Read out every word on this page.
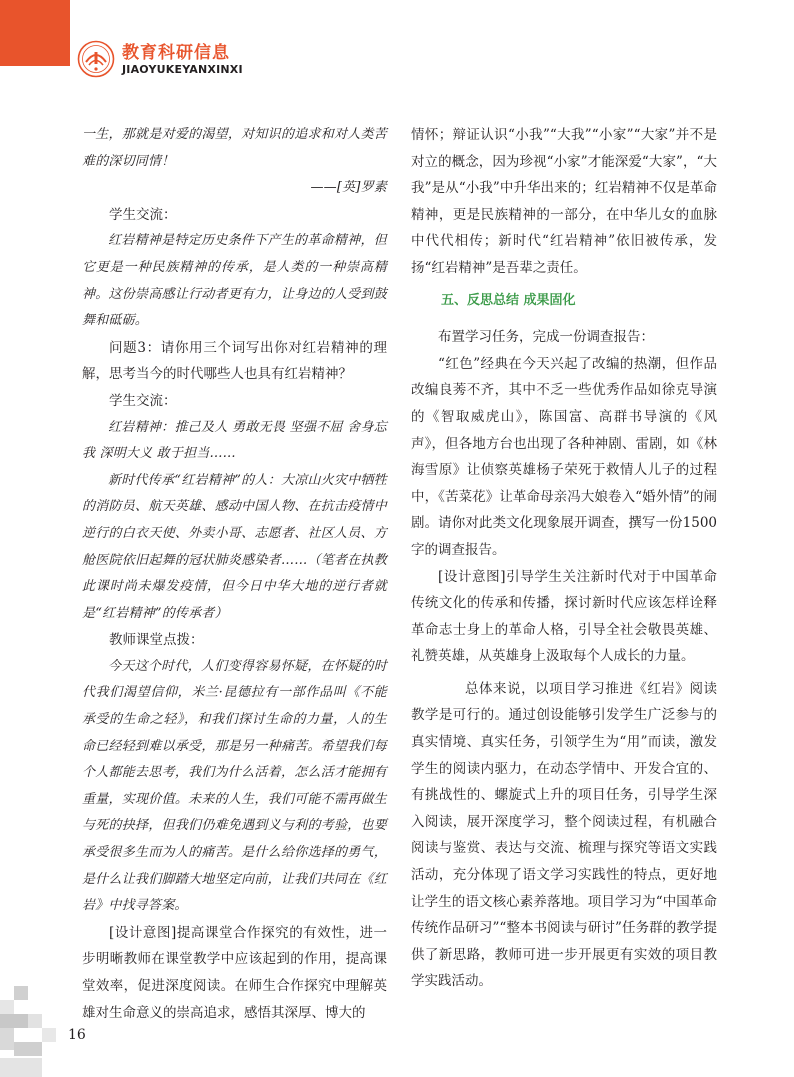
教育科研信息
JIAOYUKEYANXINXI

一生，那就是对爱的渴望，对知识的追求和对人类苦难的深切同情！

——[英]罗素

学生交流：

红岩精神是特定历史条件下产生的革命精神，但它更是一种民族精神的传承，是人类的一种崇高精神。这份崇高感让行动者更有力，让身边的人受到鼓舞和砥砺。

问题3：请你用三个词写出你对红岩精神的理解，思考当今的时代哪些人也具有红岩精神？

学生交流：

红岩精神：推己及人 勇敢无畏 坚强不屈 舍身忘我 深明大义 敢于担当……

新时代传承“红岩精神”的人：大凉山火灾中牺牲的消防员、航天英雄、感动中国人物、在抗击疫情中逆行的白衣天使、外卖小哥、志愿者、社区人员、方舱医院依旧起舞的冠状肺炎感染者……（笔者在执教此课时尚未爆发疫情，但今日中华大地的逆行者就是“红岩精神”的传承者）

教师课堂点拨：

今天这个时代，人们变得容易怀疑，在怀疑的时代我们渴望信仰，米兰·昆德拉有一部作品叫《不能承受的生命之轻》，和我们探讨生命的力量，人的生命已经轻到难以承受，那是另一种痛苦。希望我们每个人都能去思考，我们为什么活着，怎么活才能拥有重量，实现价值。未来的人生，我们可能不需再做生与死的抉择，但我们仍难免遇到义与利的考验，也要承受很多生而为人的痛苦。是什么给你选择的勇气，是什么让我们脚踏大地坚定向前，让我们共同在《红岩》中找寻答案。

[设计意图]提高课堂合作探究的有效性，进一步明晰教师在课堂教学中应该起到的作用，提高课堂效率，促进深度阅读。在师生合作探究中理解英雄对生命意义的崇高追求，感悟其深厚、博大的

情怀；辩证认识“小我”“大我”“小家”“大家”并不是对立的概念，因为珍视“小家”才能深爱“大家”，“大我”是从“小我”中升华出来的；红岩精神不仅是革命精神，更是民族精神的一部分，在中华儿女的血脉中代代相传；新时代“红岩精神”依旧被传承，发扬“红岩精神”是吾辈之责任。

五、反思总结 成果固化

布置学习任务，完成一份调查报告：

“红色”经典在今天兴起了改编的热潮，但作品改编良莠不齐，其中不乏一些优秀作品如徐克导演的《智取威虎山》，陈国富、高群书导演的《风声》，但各地方台也出现了各种神剧、雷剧，如《林海雪原》让侦察英雄杨子荣死于救情人儿子的过程中，《苦菜花》让革命母亲冯大娘卷入“婚外情”的闹剧。请你对此类文化现象展开调查，撰写一份1500字的调查报告。

[设计意图]引导学生关注新时代对于中国革命传统文化的传承和传播，探讨新时代应该怎样诠释革命志士身上的革命人格，引导全社会敬畏英雄、礼赞英雄，从英雄身上汲取每个人成长的力量。

总体来说，以项目学习推进《红岩》阅读教学是可行的。通过创设能够引发学生广泛参与的真实情境、真实任务，引领学生为“用”而读，激发学生的阅读内驱力，在动态学情中、开发合宜的、有挑战性的、螺旋式上升的项目任务，引导学生深入阅读，展开深度学习，整个阅读过程，有机融合阅读与鉴赏、表达与交流、梳理与探究等语文实践活动，充分体现了语文学习实践性的特点，更好地让学生的语文核心素养落地。项目学习为“中国革命传统作品研习”“整本书阅读与研讨”任务群的教学提供了新思路，教师可进一步开展更有实效的项目教学实践活动。

16
